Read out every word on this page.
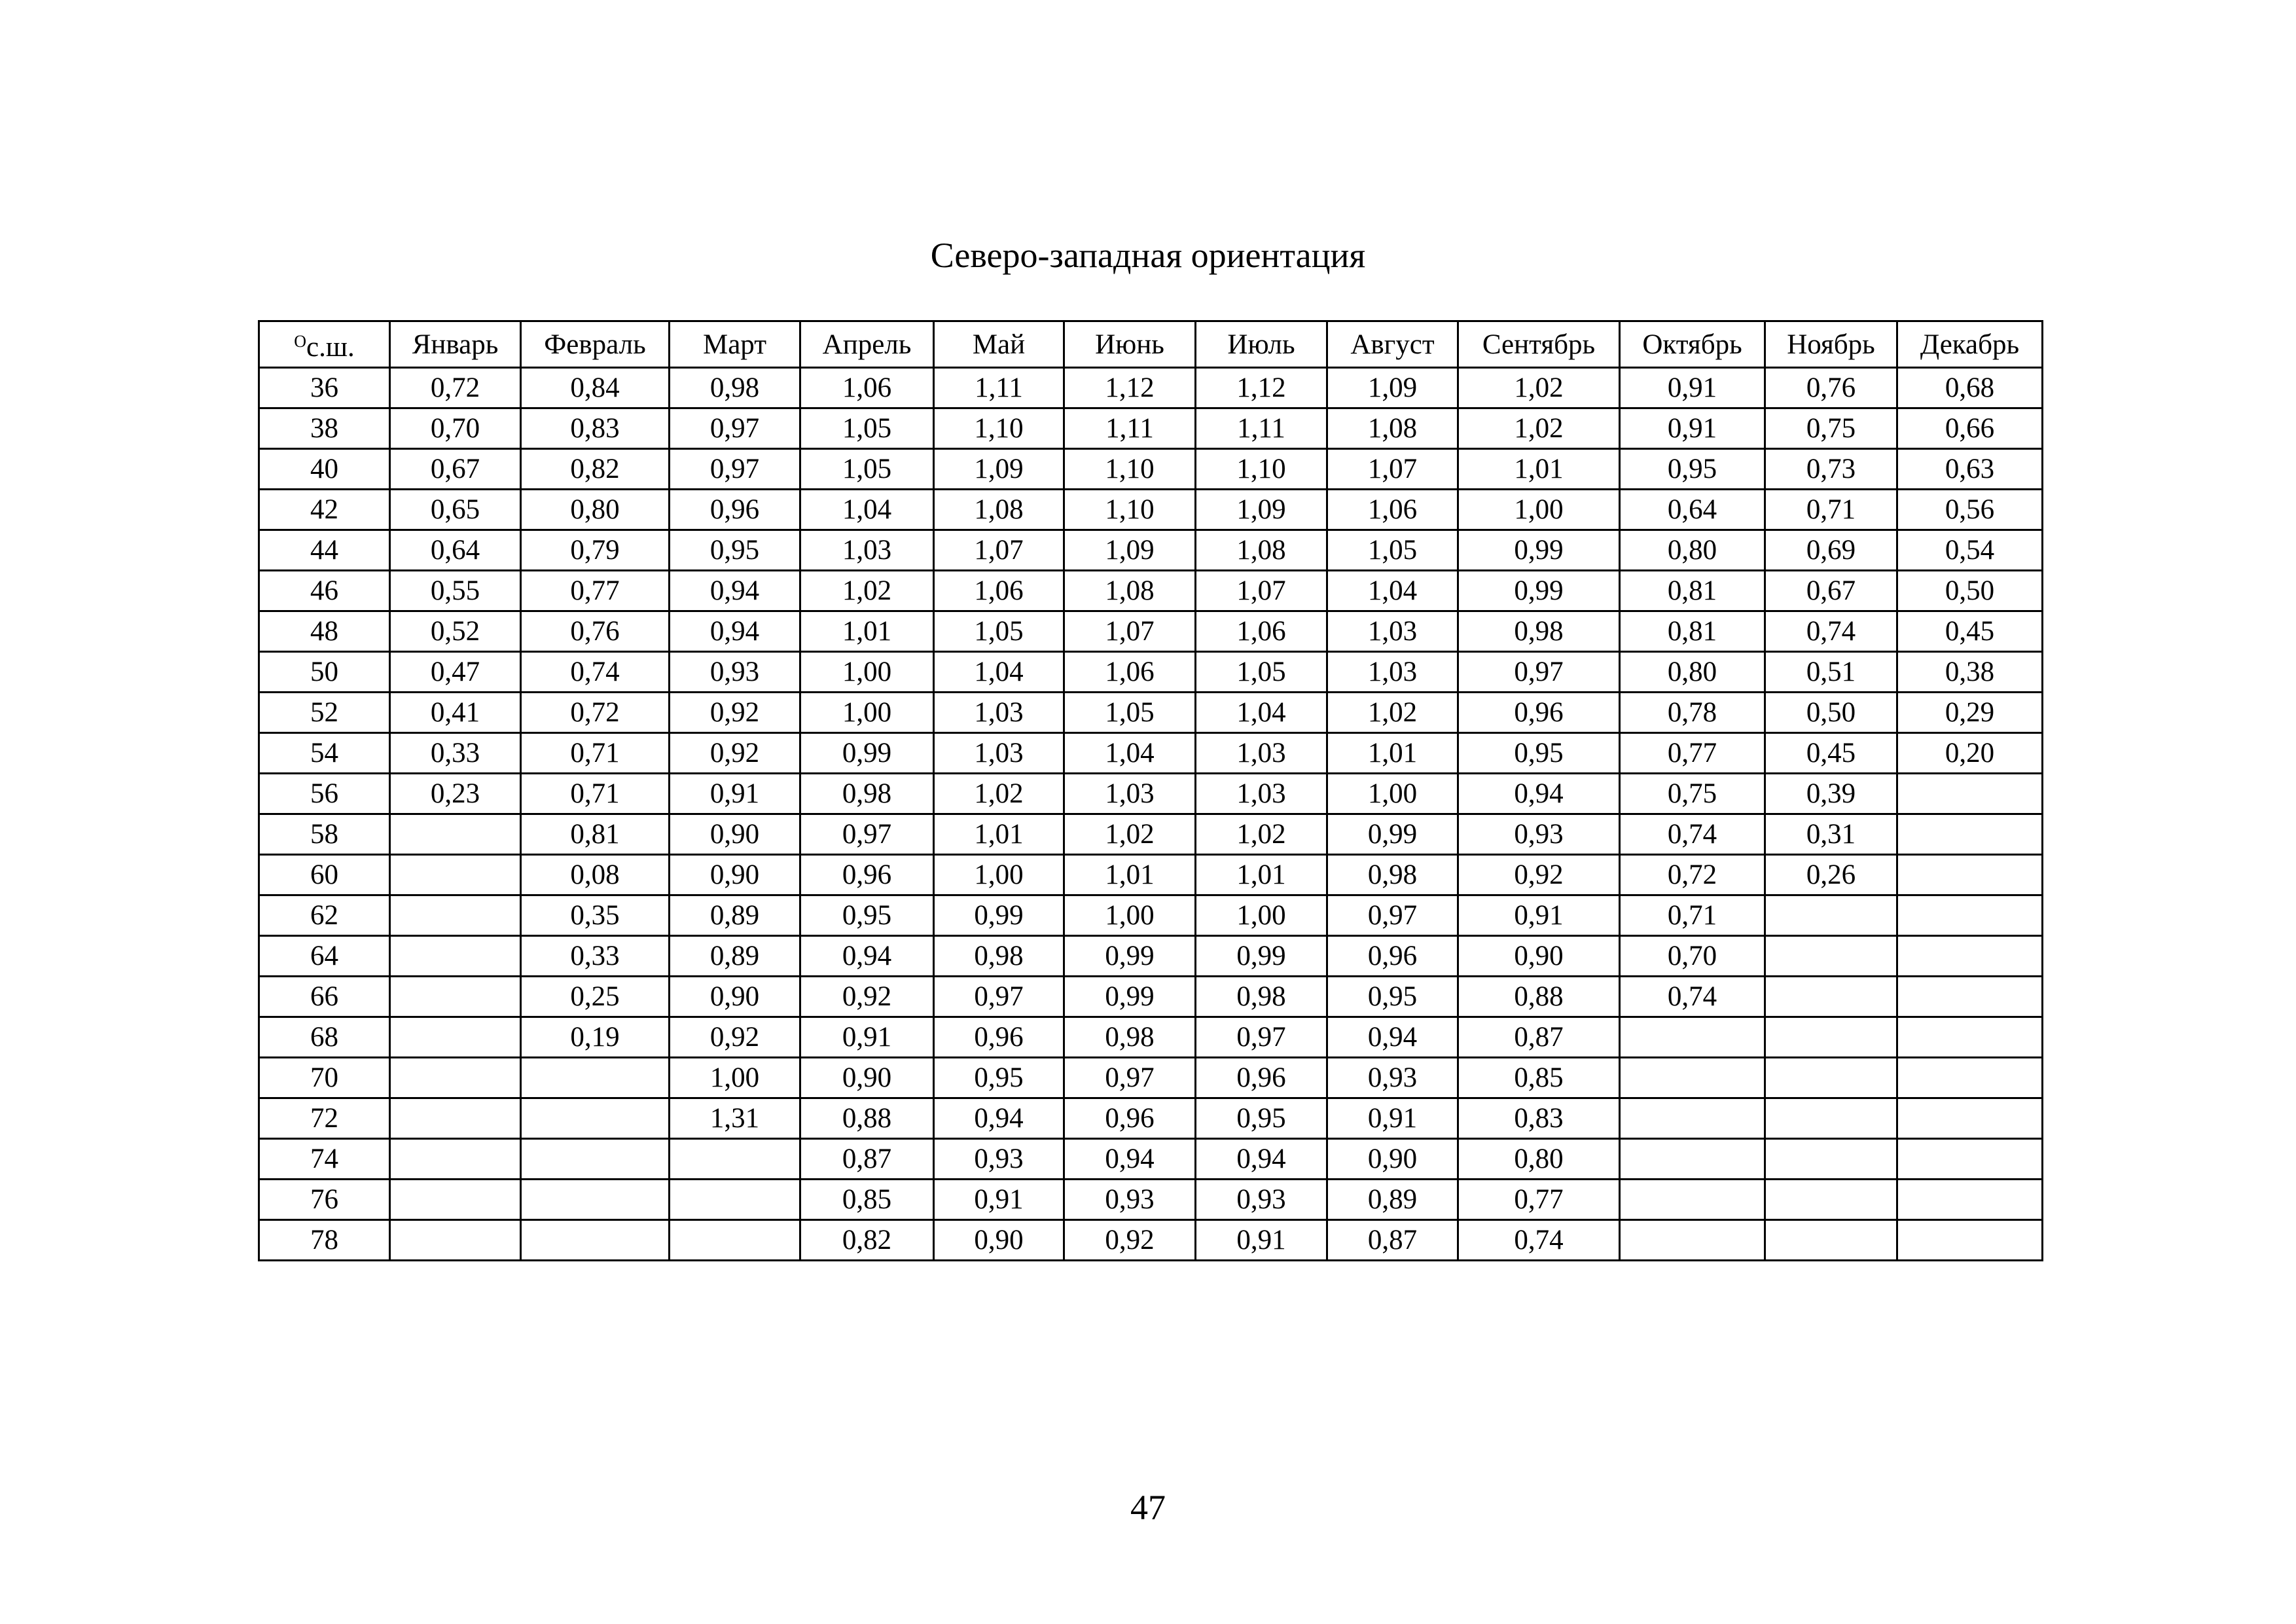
Северо-западная ориентация
$^O$с.ш.	Январь	Февраль	Март	Апрель	Май	Июнь	Июль	Август	Сентябрь	Октябрь	Ноябрь	Декабрь
36	0,72	0,84	0,98	1,06	1,11	1,12	1,12	1,09	1,02	0,91	0,76	0,68
38	0,70	0,83	0,97	1,05	1,10	1,11	1,11	1,08	1,02	0,91	0,75	0,66
40	0,67	0,82	0,97	1,05	1,09	1,10	1,10	1,07	1,01	0,95	0,73	0,63
42	0,65	0,80	0,96	1,04	1,08	1,10	1,09	1,06	1,00	0,64	0,71	0,56
44	0,64	0,79	0,95	1,03	1,07	1,09	1,08	1,05	0,99	0,80	0,69	0,54
46	0,55	0,77	0,94	1,02	1,06	1,08	1,07	1,04	0,99	0,81	0,67	0,50
48	0,52	0,76	0,94	1,01	1,05	1,07	1,06	1,03	0,98	0,81	0,74	0,45
50	0,47	0,74	0,93	1,00	1,04	1,06	1,05	1,03	0,97	0,80	0,51	0,38
52	0,41	0,72	0,92	1,00	1,03	1,05	1,04	1,02	0,96	0,78	0,50	0,29
54	0,33	0,71	0,92	0,99	1,03	1,04	1,03	1,01	0,95	0,77	0,45	0,20
56	0,23	0,71	0,91	0,98	1,02	1,03	1,03	1,00	0,94	0,75	0,39	
58		0,81	0,90	0,97	1,01	1,02	1,02	0,99	0,93	0,74	0,31	
60		0,08	0,90	0,96	1,00	1,01	1,01	0,98	0,92	0,72	0,26	
62		0,35	0,89	0,95	0,99	1,00	1,00	0,97	0,91	0,71		
64		0,33	0,89	0,94	0,98	0,99	0,99	0,96	0,90	0,70		
66		0,25	0,90	0,92	0,97	0,99	0,98	0,95	0,88	0,74		
68		0,19	0,92	0,91	0,96	0,98	0,97	0,94	0,87			
70			1,00	0,90	0,95	0,97	0,96	0,93	0,85			
72			1,31	0,88	0,94	0,96	0,95	0,91	0,83			
74				0,87	0,93	0,94	0,94	0,90	0,80			
76				0,85	0,91	0,93	0,93	0,89	0,77			
78				0,82	0,90	0,92	0,91	0,87	0,74			
47
